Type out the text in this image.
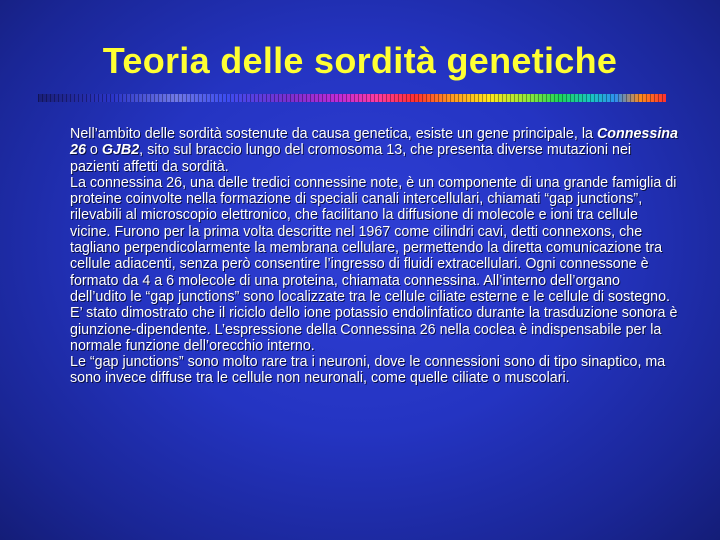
Teoria delle sordità genetiche

Nell’ambito delle sordità sostenute da causa genetica, esiste un gene principale, la Connessina 26 o GJB2, sito sul braccio lungo del cromosoma 13, che presenta diverse mutazioni nei pazienti affetti da sordità.

La connessina 26, una delle tredici connessine note, è un componente di una grande famiglia di proteine coinvolte nella formazione di speciali canali intercellulari, chiamati “gap junctions”, rilevabili al microscopio elettronico, che facilitano la diffusione di molecole e ioni tra cellule vicine. Furono per la prima volta descritte nel 1967 come cilindri cavi, detti connexons, che tagliano perpendicolarmente la membrana cellulare, permettendo la diretta comunicazione tra cellule adiacenti, senza però consentire l’ingresso di fluidi extracellulari. Ogni connessone è formato da 4 a 6 molecole di una proteina, chiamata connessina. All’interno dell’organo dell’udito le “gap junctions” sono localizzate tra le cellule ciliate esterne e le cellule di sostegno. E’ stato dimostrato che il riciclo dello ione potassio endolinfatico durante la trasduzione sonora è giunzione-dipendente. L’espressione della Connessina 26 nella coclea è indispensabile per la normale funzione dell’orecchio interno.

Le “gap junctions” sono molto rare tra i neuroni, dove le connessioni sono di tipo sinaptico, ma sono invece diffuse tra le cellule non neuronali, come quelle ciliate o muscolari.
